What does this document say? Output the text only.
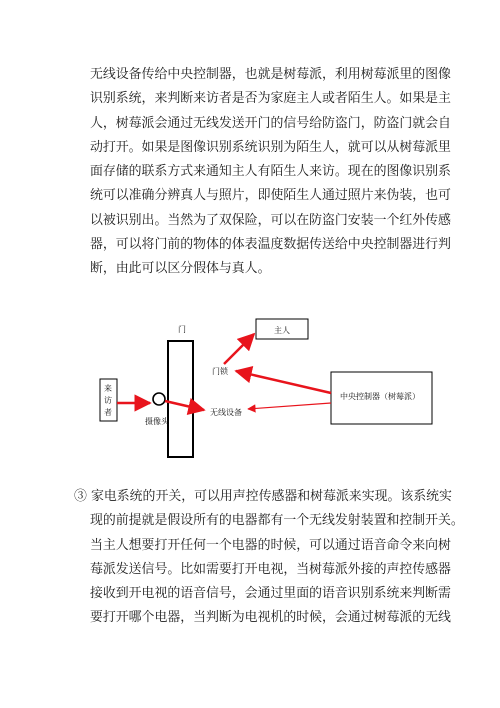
无线设备传给中央控制器，也就是树莓派，利用树莓派里的图像
识别系统，来判断来访者是否为家庭主人或者陌生人。如果是主
人，树莓派会通过无线发送开门的信号给防盗门，防盗门就会自
动打开。如果是图像识别系统识别为陌生人，就可以从树莓派里
面存储的联系方式来通知主人有陌生人来访。现在的图像识别系
统可以准确分辨真人与照片，即使陌生人通过照片来伪装，也可
以被识别出。当然为了双保险，可以在防盗门安装一个红外传感
器，可以将门前的物体的体表温度数据传送给中央控制器进行判
断，由此可以区分假体与真人。
门	主人
来
访
者
摄像头
中央控制器（树莓派）
门锁
无线设备
③ 家电系统的开关，可以用声控传感器和树莓派来实现。该系统实
现的前提就是假设所有的电器都有一个无线发射装置和控制开关。
当主人想要打开任何一个电器的时候，可以通过语音命令来向树
莓派发送信号。比如需要打开电视，当树莓派外接的声控传感器
接收到开电视的语音信号，会通过里面的语音识别系统来判断需
要打开哪个电器，当判断为电视机的时候，会通过树莓派的无线
